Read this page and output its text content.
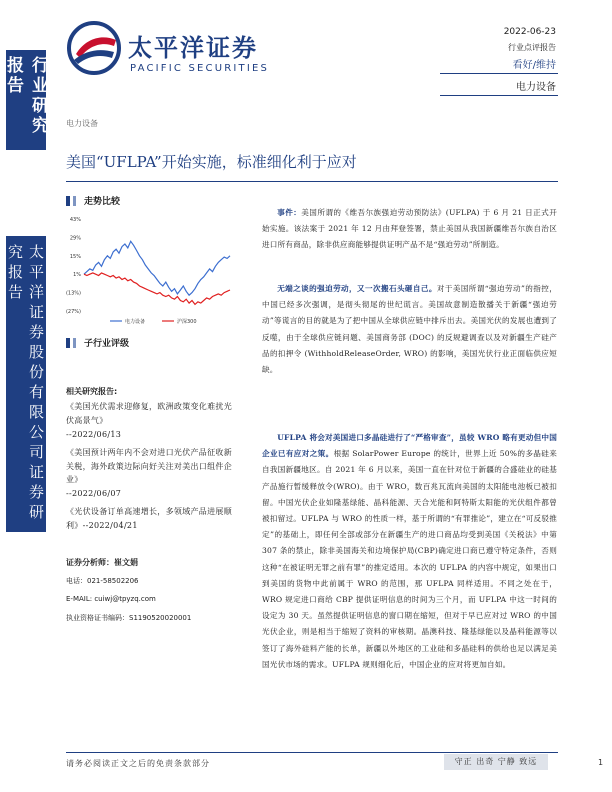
行业研究报告
太平洋证券股份有限公司证券研究报告
太平洋证券
PACIFIC SECURITIES
2022-06-23
行业点评报告
看好/维持
电力设备
电力设备
美国“UFLPA”开始实施，标准细化利于应对
走势比较
43%
29%
15%
1%
(13%)
(27%)
电力设备	沪深300
子行业评级
相关研究报告:
《美国光伏需求迎修复，欧洲政策变化难扰光伏高景气》
--2022/06/13
《美国预计两年内不会对进口光伏产品征收新关税，海外政策边际向好关注对美出口组件企业》
--2022/06/07
《光伏设备订单高速增长，多领域产品进展顺利》--2022/04/21
证券分析师：崔文娟
电话：021-58502206
E-MAIL: cuiwj@tpyzq.com
执业资格证书编码：S1190520020001

事件：美国所谓的《维吾尔族强迫劳动预防法》(UFLPA) 于 6 月 21 日正式开始实施。该法案于 2021 年 12 月由拜登签署，禁止美国从我国新疆维吾尔族自治区进口所有商品，除非供应商能够提供证明产品不是“强迫劳动”所制造。

无端之谈的强迫劳动，又一次搬石头砸自己。对于美国所谓“强迫劳动”的指控，中国已经多次强调，是彻头彻尾的世纪谎言。美国故意制造散播关于新疆“强迫劳动”等谎言的目的就是为了把中国从全球供应链中排斥出去。美国光伏的发展也遭到了反噬，由于全球供应链问题、美国商务部 (DOC) 的反规避调查以及对新疆生产硅产品的扣押令 (WithholdReleaseOrder, WRO) 的影响，美国光伏行业正面临供应短缺。

UFLPA 将会对美国进口多晶硅进行了“严格审查”，虽较 WRO 略有更动但中国企业已有应对之策。根据 SolarPower Europe 的统计，世界上近 50%的多晶硅来自我国新疆地区。自 2021 年 6 月以来，美国一直在针对位于新疆的合盛硅业的硅基产品施行暂缓释放令(WRO)。由于 WRO，数百兆瓦流向美国的太阳能电池板已被扣留。中国光伏企业如隆基绿能、晶科能源、天合光能和阿特斯太阳能的光伏组件都曾被扣留过。UFLPA 与 WRO 的性质一样，基于所谓的“有罪推论”，建立在“可反驳推定”的基础上，即任何全部或部分在新疆生产的进口商品均受到美国《关税法》中第 307 条的禁止，除非美国海关和边境保护局(CBP)确定进口商已遵守特定条件，否则这种“在被证明无罪之前有罪”的推定适用。本次的 UFLPA 的内容中规定，如果出口到美国的货物中此前属于 WRO 的范围，那 UFLPA 同样适用。不同之处在于，WRO 规定进口商给 CBP 提供证明信息的时间为三个月，而 UFLPA 中这一时间的设定为 30 天。虽然提供证明信息的窗口期在缩短，但对于早已应对过 WRO 的中国光伏企业，则是相当于缩短了资料的审核期。晶澳科技、隆基绿能以及晶科能源等以签订了海外硅料产能的长单，新疆以外地区的工业硅和多晶硅料的供给也足以满足美国光伏市场的需求。UFLPA 规则细化后，中国企业的应对将更加自如。

请务必阅读正文之后的免责条款部分	守正 出奇 宁静 致远	1
